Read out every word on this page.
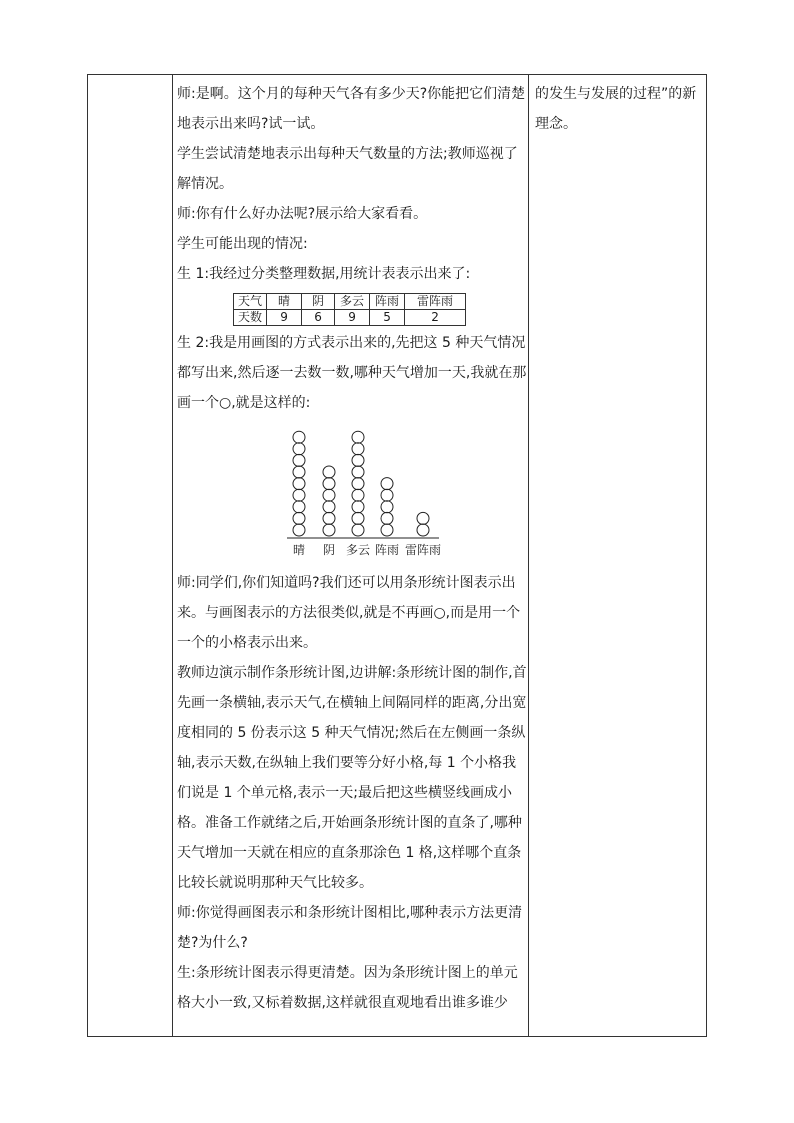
师:是啊。这个月的每种天气各有多少天?你能把它们清楚地表示出来吗?试一试。

学生尝试清楚地表示出每种天气数量的方法;教师巡视了解情况。

师:你有什么好办法呢?展示给大家看看。

学生可能出现的情况:

生 1:我经过分类整理数据,用统计表表示出来了:

天气	晴	阴	多云	阵雨	雷阵雨
天数	9	6	9	5	2

生 2:我是用画图的方式表示出来的,先把这 5 种天气情况都写出来,然后逐一去数一数,哪种天气增加一天,我就在那画一个○,就是这样的:

晴 阴 多云 阵雨 雷阵雨

师:同学们,你们知道吗?我们还可以用条形统计图表示出来。与画图表示的方法很类似,就是不再画○,而是用一个一个的小格表示出来。

教师边演示制作条形统计图,边讲解:条形统计图的制作,首先画一条横轴,表示天气,在横轴上间隔同样的距离,分出宽度相同的 5 份表示这 5 种天气情况;然后在左侧画一条纵轴,表示天数,在纵轴上我们要等分好小格,每 1 个小格我们说是 1 个单元格,表示一天;最后把这些横竖线画成小格。准备工作就绪之后,开始画条形统计图的直条了,哪种天气增加一天就在相应的直条那涂色 1 格,这样哪个直条比较长就说明那种天气比较多。

师:你觉得画图表示和条形统计图相比,哪种表示方法更清楚?为什么?

生:条形统计图表示得更清楚。因为条形统计图上的单元格大小一致,又标着数据,这样就很直观地看出谁多谁少

的发生与发展的过程”的新理念。
